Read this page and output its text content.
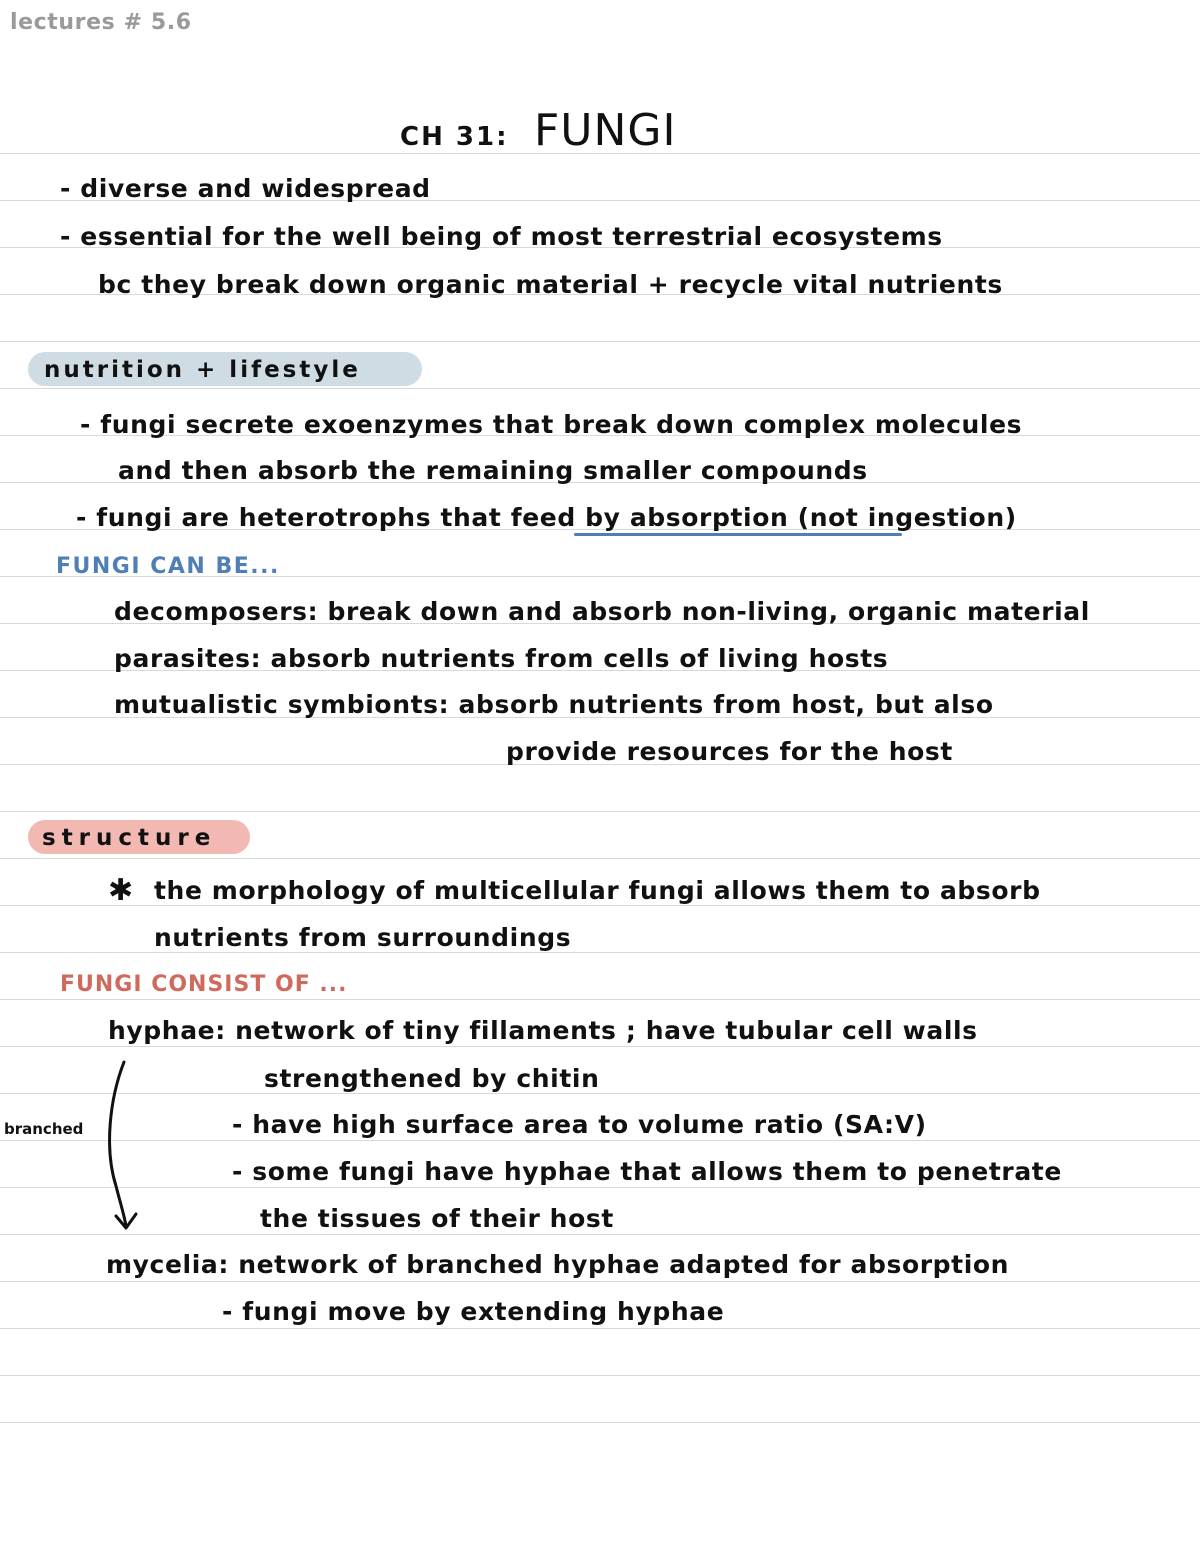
lectures # 5.6
CH 31: FUNGI
- diverse and widespread
- essential for the well being of most terrestrial ecosystems
bc they break down organic material + recycle vital nutrients
nutrition + lifestyle
- fungi secrete exoenzymes that break down complex molecules
and then absorb the remaining smaller compounds
- fungi are heterotrophs that feed by absorption (not ingestion)
FUNGI CAN BE...
decomposers: break down and absorb non-living, organic material
parasites: absorb nutrients from cells of living hosts
mutualistic symbionts: absorb nutrients from host, but also
provide resources for the host
structure
✱ the morphology of multicellular fungi allows them to absorb
nutrients from surroundings
FUNGI CONSIST OF ...
hyphae: network of tiny fillaments ; have tubular cell walls
strengthened by chitin
- have high surface area to volume ratio (SA:V)
- some fungi have hyphae that allows them to penetrate
the tissues of their host
branched
mycelia: network of branched hyphae adapted for absorption
- fungi move by extending hyphae
